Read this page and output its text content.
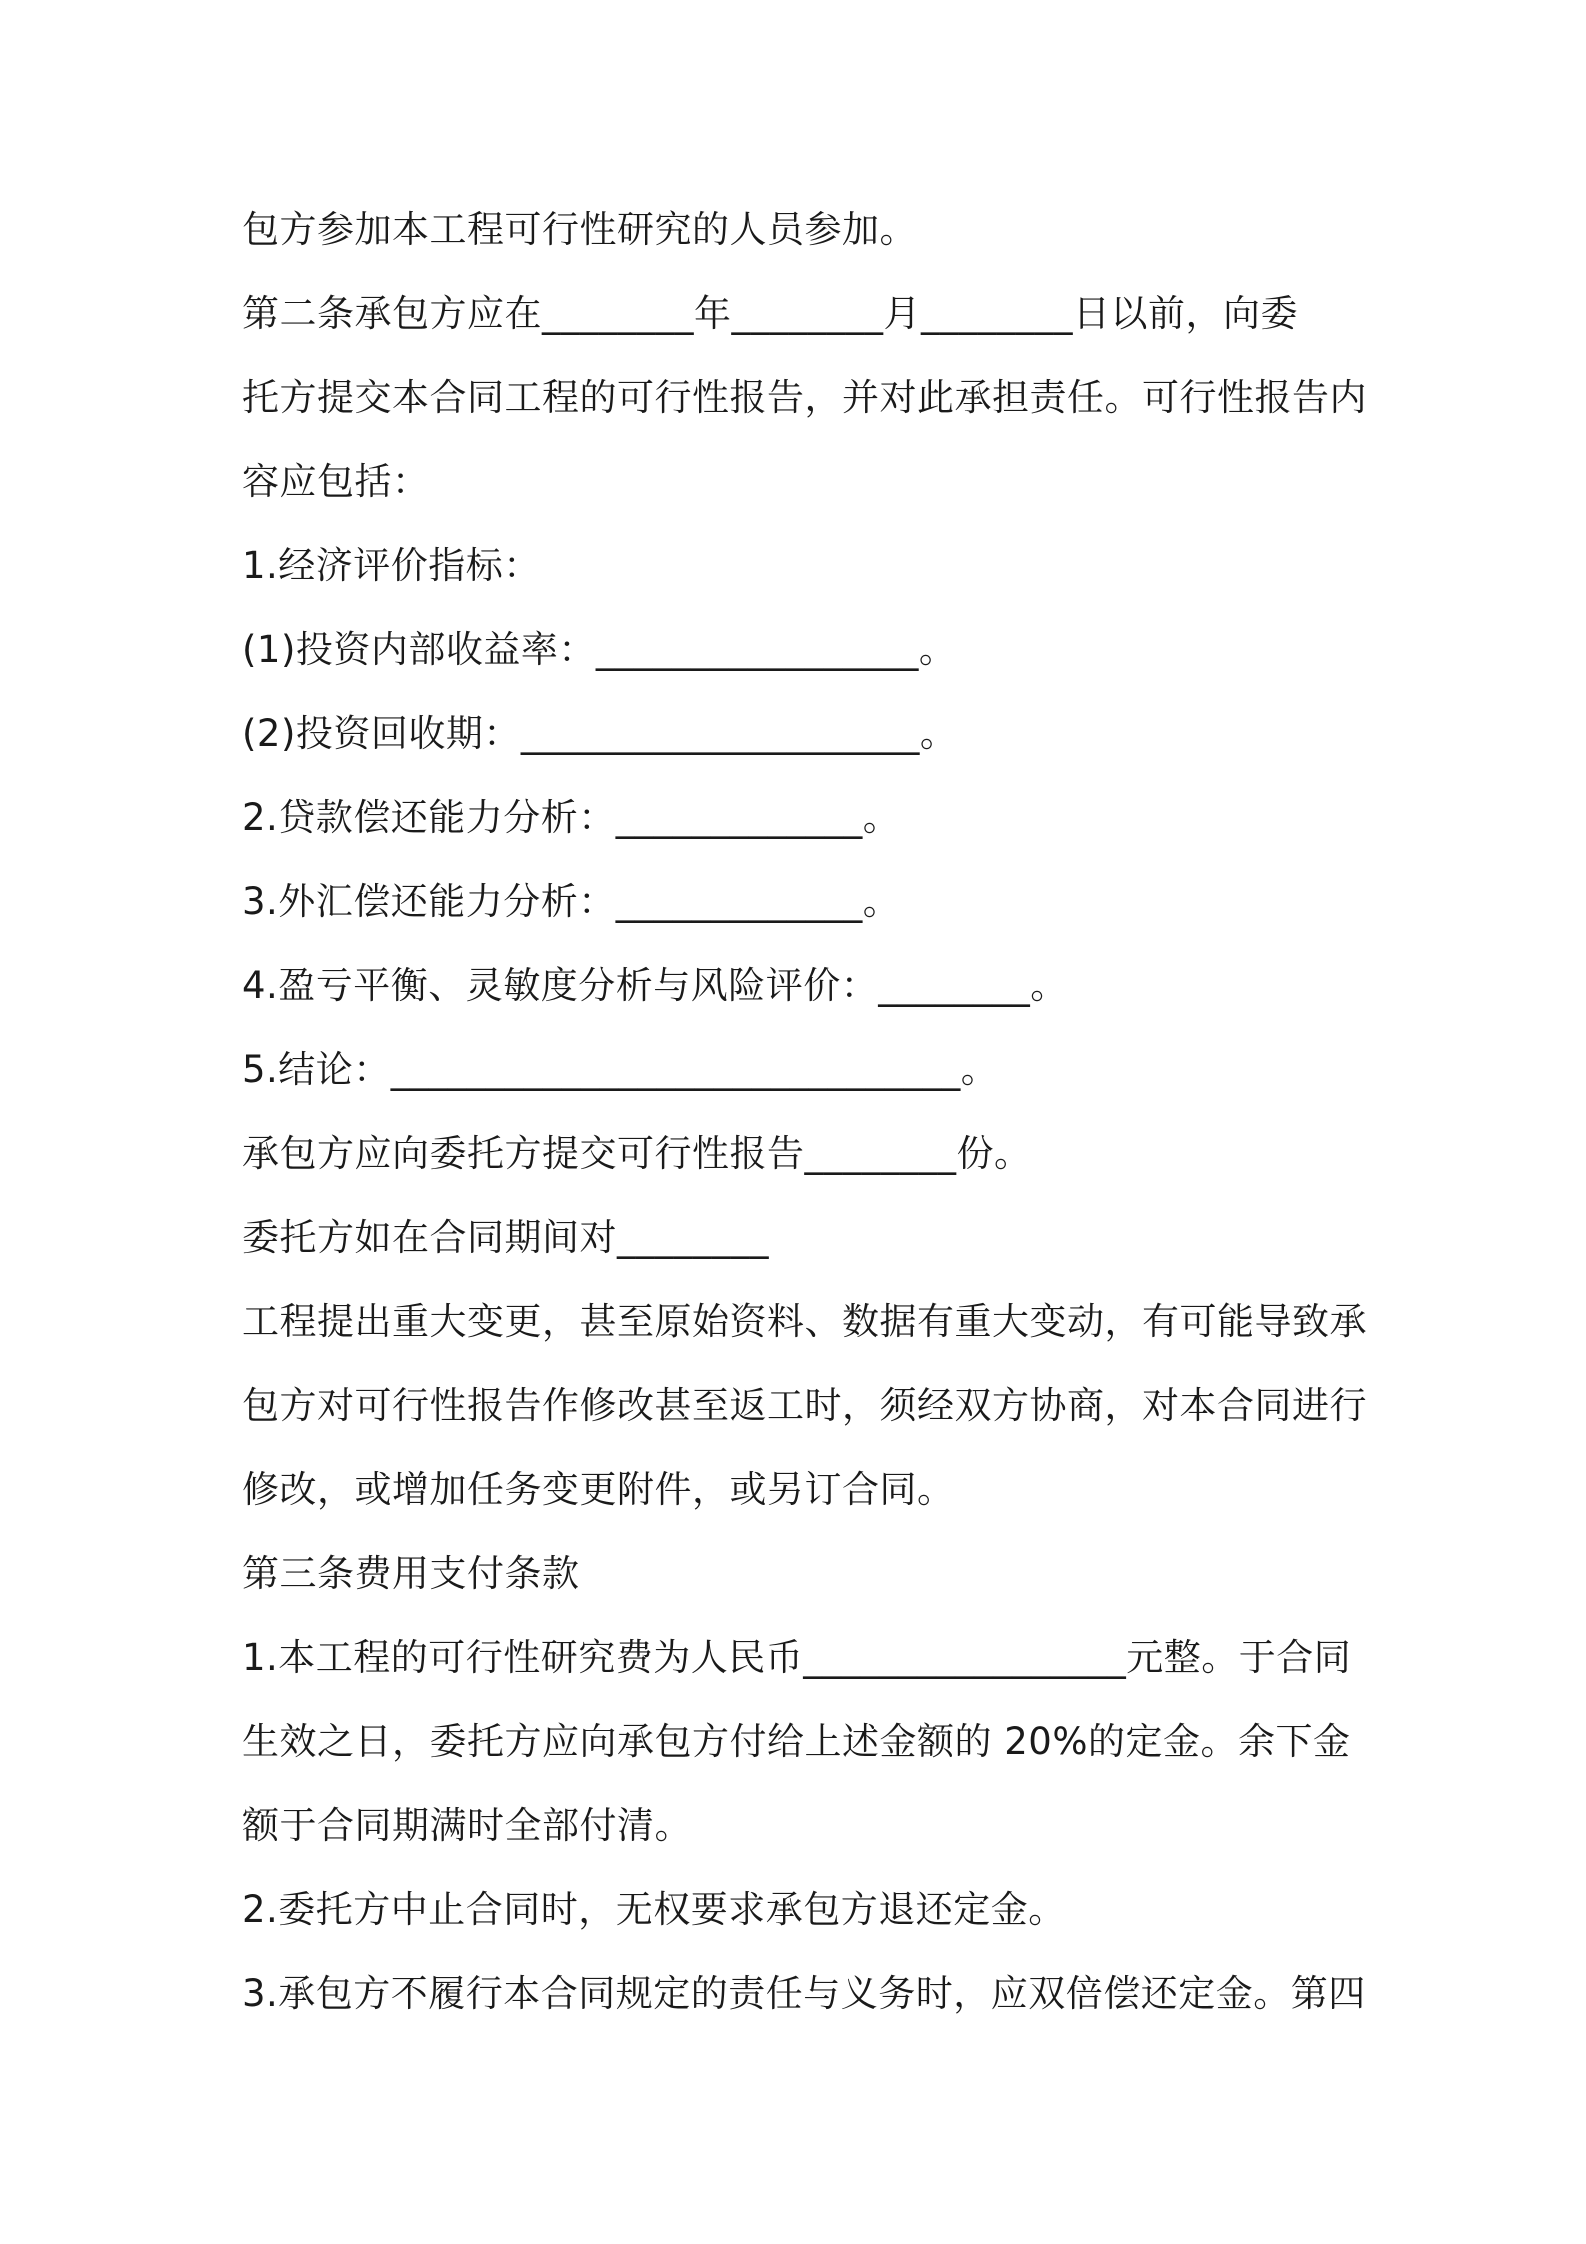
包方参加本工程可行性研究的人员参加。
第二条承包方应在________年________月________日以前，向委
托方提交本合同工程的可行性报告，并对此承担责任。可行性报告内
容应包括：
1.经济评价指标：
(1)投资内部收益率：_________________。
(2)投资回收期：_____________________。
2.贷款偿还能力分析：_____________。
3.外汇偿还能力分析：_____________。
4.盈亏平衡、灵敏度分析与风险评价：________。
5.结论：______________________________。
承包方应向委托方提交可行性报告________份。
委托方如在合同期间对________
工程提出重大变更，甚至原始资料、数据有重大变动，有可能导致承
包方对可行性报告作修改甚至返工时，须经双方协商，对本合同进行
修改，或增加任务变更附件，或另订合同。
第三条费用支付条款
1.本工程的可行性研究费为人民币_________________元整。于合同
生效之日，委托方应向承包方付给上述金额的 20%的定金。余下金
额于合同期满时全部付清。
2.委托方中止合同时，无权要求承包方退还定金。
3.承包方不履行本合同规定的责任与义务时，应双倍偿还定金。第四
